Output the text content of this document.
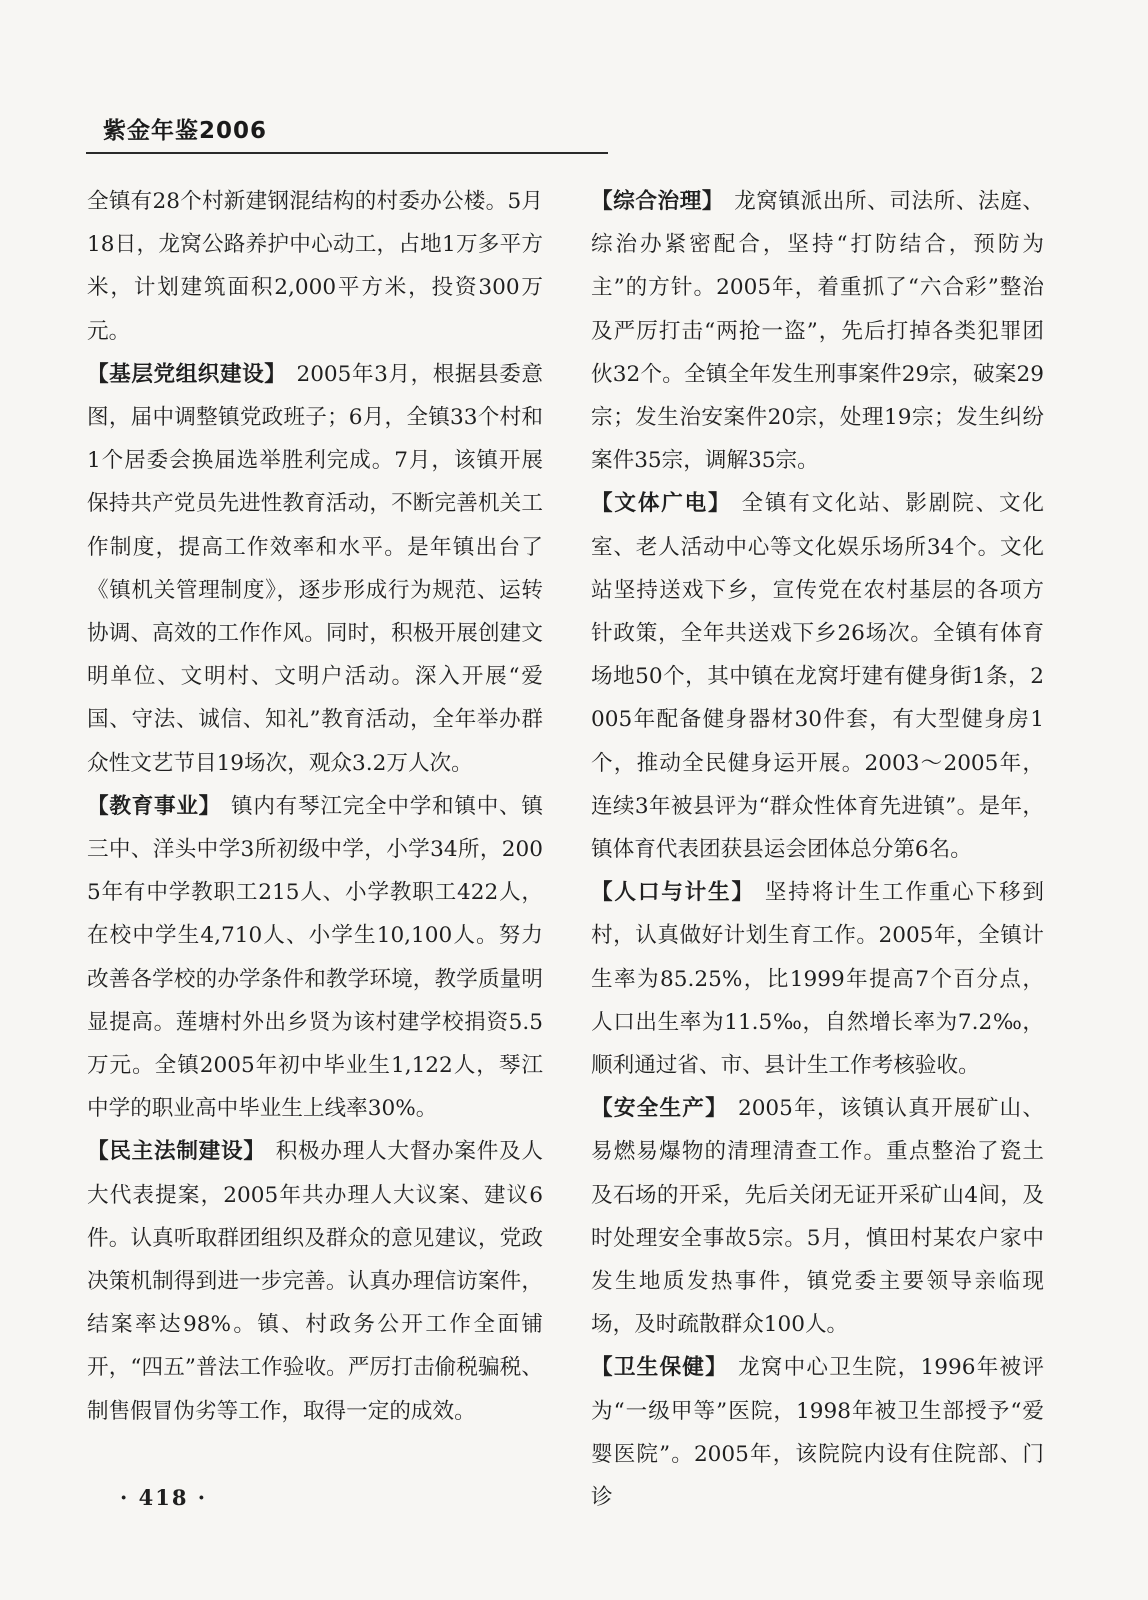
紫金年鉴2006

全镇有28个村新建钢混结构的村委办公楼。5月18日，龙窝公路养护中心动工，占地1万多平方米，计划建筑面积2,000平方米，投资300万元。

【基层党组织建设】 2005年3月，根据县委意图，届中调整镇党政班子；6月，全镇33个村和1个居委会换届选举胜利完成。7月，该镇开展保持共产党员先进性教育活动，不断完善机关工作制度，提高工作效率和水平。是年镇出台了《镇机关管理制度》，逐步形成行为规范、运转协调、高效的工作作风。同时，积极开展创建文明单位、文明村、文明户活动。深入开展“爱国、守法、诚信、知礼”教育活动，全年举办群众性文艺节目19场次，观众3.2万人次。

【教育事业】 镇内有琴江完全中学和镇中、镇三中、洋头中学3所初级中学，小学34所，2005年有中学教职工215人、小学教职工422人，在校中学生4,710人、小学生10,100人。努力改善各学校的办学条件和教学环境，教学质量明显提高。莲塘村外出乡贤为该村建学校捐资5.5万元。全镇2005年初中毕业生1,122人，琴江中学的职业高中毕业生上线率30%。

【民主法制建设】 积极办理人大督办案件及人大代表提案，2005年共办理人大议案、建议6件。认真听取群团组织及群众的意见建议，党政决策机制得到进一步完善。认真办理信访案件，结案率达98%。镇、村政务公开工作全面铺开，“四五”普法工作验收。严厉打击偷税骗税、制售假冒伪劣等工作，取得一定的成效。

【综合治理】 龙窝镇派出所、司法所、法庭、综治办紧密配合，坚持“打防结合，预防为主”的方针。2005年，着重抓了“六合彩”整治及严厉打击“两抢一盗”，先后打掉各类犯罪团伙32个。全镇全年发生刑事案件29宗，破案29宗；发生治安案件20宗，处理19宗；发生纠纷案件35宗，调解35宗。

【文体广电】 全镇有文化站、影剧院、文化室、老人活动中心等文化娱乐场所34个。文化站坚持送戏下乡，宣传党在农村基层的各项方针政策，全年共送戏下乡26场次。全镇有体育场地50个，其中镇在龙窝圩建有健身街1条，2005年配备健身器材30件套，有大型健身房1个，推动全民健身运开展。2003～2005年，连续3年被县评为“群众性体育先进镇”。是年，镇体育代表团获县运会团体总分第6名。

【人口与计生】 坚持将计生工作重心下移到村，认真做好计划生育工作。2005年，全镇计生率为85.25%，比1999年提高7个百分点，人口出生率为11.5‰，自然增长率为7.2‰，顺利通过省、市、县计生工作考核验收。

【安全生产】 2005年，该镇认真开展矿山、易燃易爆物的清理清查工作。重点整治了瓷土及石场的开采，先后关闭无证开采矿山4间，及时处理安全事故5宗。5月，慎田村某农户家中发生地质发热事件，镇党委主要领导亲临现场，及时疏散群众100人。

【卫生保健】 龙窝中心卫生院，1996年被评为“一级甲等”医院，1998年被卫生部授予“爱婴医院”。2005年，该院院内设有住院部、门诊

· 418 ·
